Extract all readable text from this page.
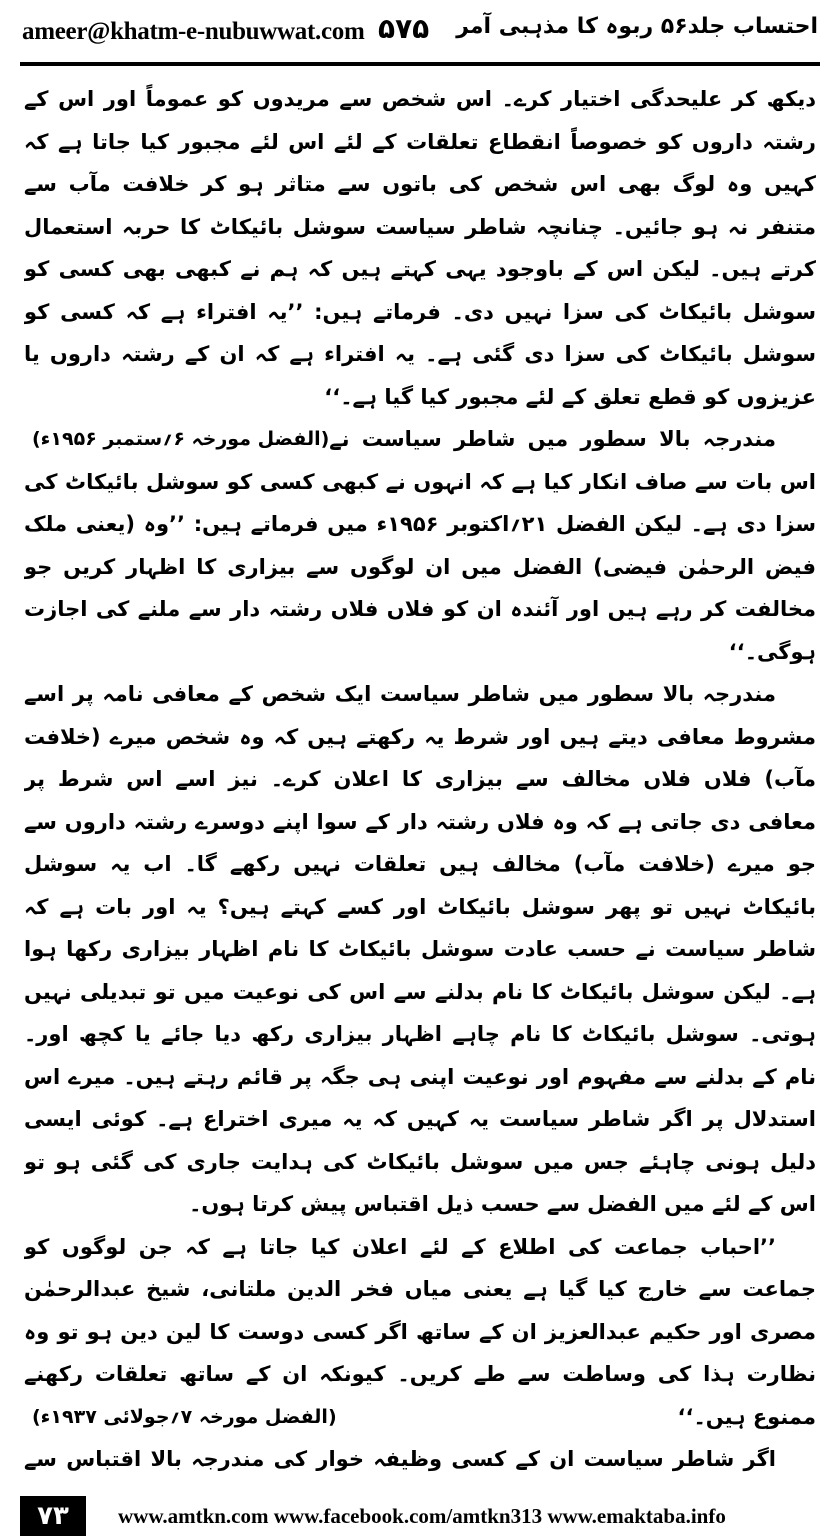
ameer@khatm-e-nubuwwat.com ۵۷۵ احتساب جلد۵۶ ربوہ کا مذہبی آمر

دیکھ کر علیحدگی اختیار کرے۔ اس شخص سے مریدوں کو عموماً اور اس کے رشتہ داروں کو خصوصاً انقطاع تعلقات کے لئے اس لئے مجبور کیا جاتا ہے کہ کہیں وہ لوگ بھی اس شخص کی باتوں سے متاثر ہو کر خلافت مآب سے متنفر نہ ہو جائیں۔ چنانچہ شاطر سیاست سوشل بائیکاٹ کا حربہ استعمال کرتے ہیں۔ لیکن اس کے باوجود یہی کہتے ہیں کہ ہم نے کبھی بھی کسی کو سوشل بائیکاٹ کی سزا نہیں دی۔ فرماتے ہیں: ’’یہ افتراء ہے کہ کسی کو سوشل بائیکاٹ کی سزا دی گئی ہے۔ یہ افتراء ہے کہ ان کے رشتہ داروں یا عزیزوں کو قطع تعلق کے لئے مجبور کیا گیا ہے۔‘‘
(الفضل مورخہ ۶؍ستمبر ۱۹۵۶ء) مندرجہ بالا سطور میں شاطر سیاست نے اس بات سے صاف انکار کیا ہے کہ انہوں نے کبھی کسی کو سوشل بائیکاٹ کی سزا دی ہے۔ لیکن الفضل ۲۱؍اکتوبر ۱۹۵۶ء میں فرماتے ہیں: ’’وہ (یعنی ملک فیض الرحمٰن فیضی) الفضل میں ان لوگوں سے بیزاری کا اظہار کریں جو مخالفت کر رہے ہیں اور آئندہ ان کو فلاں فلاں رشتہ دار سے ملنے کی اجازت ہوگی۔‘‘

مندرجہ بالا سطور میں شاطر سیاست ایک شخص کے معافی نامہ پر اسے مشروط معافی دیتے ہیں اور شرط یہ رکھتے ہیں کہ وہ شخص میرے (خلافت مآب) فلاں فلاں مخالف سے بیزاری کا اعلان کرے۔ نیز اسے اس شرط پر معافی دی جاتی ہے کہ وہ فلاں رشتہ دار کے سوا اپنے دوسرے رشتہ داروں سے جو میرے (خلافت مآب) مخالف ہیں تعلقات نہیں رکھے گا۔ اب یہ سوشل بائیکاٹ نہیں تو پھر سوشل بائیکاٹ اور کسے کہتے ہیں؟ یہ اور بات ہے کہ شاطر سیاست نے حسب عادت سوشل بائیکاٹ کا نام اظہار بیزاری رکھا ہوا ہے۔ لیکن سوشل بائیکاٹ کا نام بدلنے سے اس کی نوعیت میں تو تبدیلی نہیں ہوتی۔ سوشل بائیکاٹ کا نام چاہے اظہار بیزاری رکھ دیا جائے یا کچھ اور۔ نام کے بدلنے سے مفہوم اور نوعیت اپنی ہی جگہ پر قائم رہتے ہیں۔ میرے اس استدلال پر اگر شاطر سیاست یہ کہیں کہ یہ میری اختراع ہے۔ کوئی ایسی دلیل ہونی چاہئے جس میں سوشل بائیکاٹ کی ہدایت جاری کی گئی ہو تو اس کے لئے میں الفضل سے حسب ذیل اقتباس پیش کرتا ہوں۔

’’احباب جماعت کی اطلاع کے لئے اعلان کیا جاتا ہے کہ جن لوگوں کو جماعت سے خارج کیا گیا ہے یعنی میاں فخر الدین ملتانی، شیخ عبدالرحمٰن مصری اور حکیم عبدالعزیز ان کے ساتھ اگر کسی دوست کا لین دین ہو تو وہ نظارت ہذا کی وساطت سے طے کریں۔ کیونکہ ان کے ساتھ تعلقات رکھنے ممنوع ہیں۔‘‘
(الفضل مورخہ ۷؍جولائی ۱۹۳۷ء)

اگر شاطر سیاست ان کے کسی وظیفہ خوار کی مندرجہ بالا اقتباس سے

۷۳	www.amtkn.com www.facebook.com/amtkn313 www.emaktaba.info
